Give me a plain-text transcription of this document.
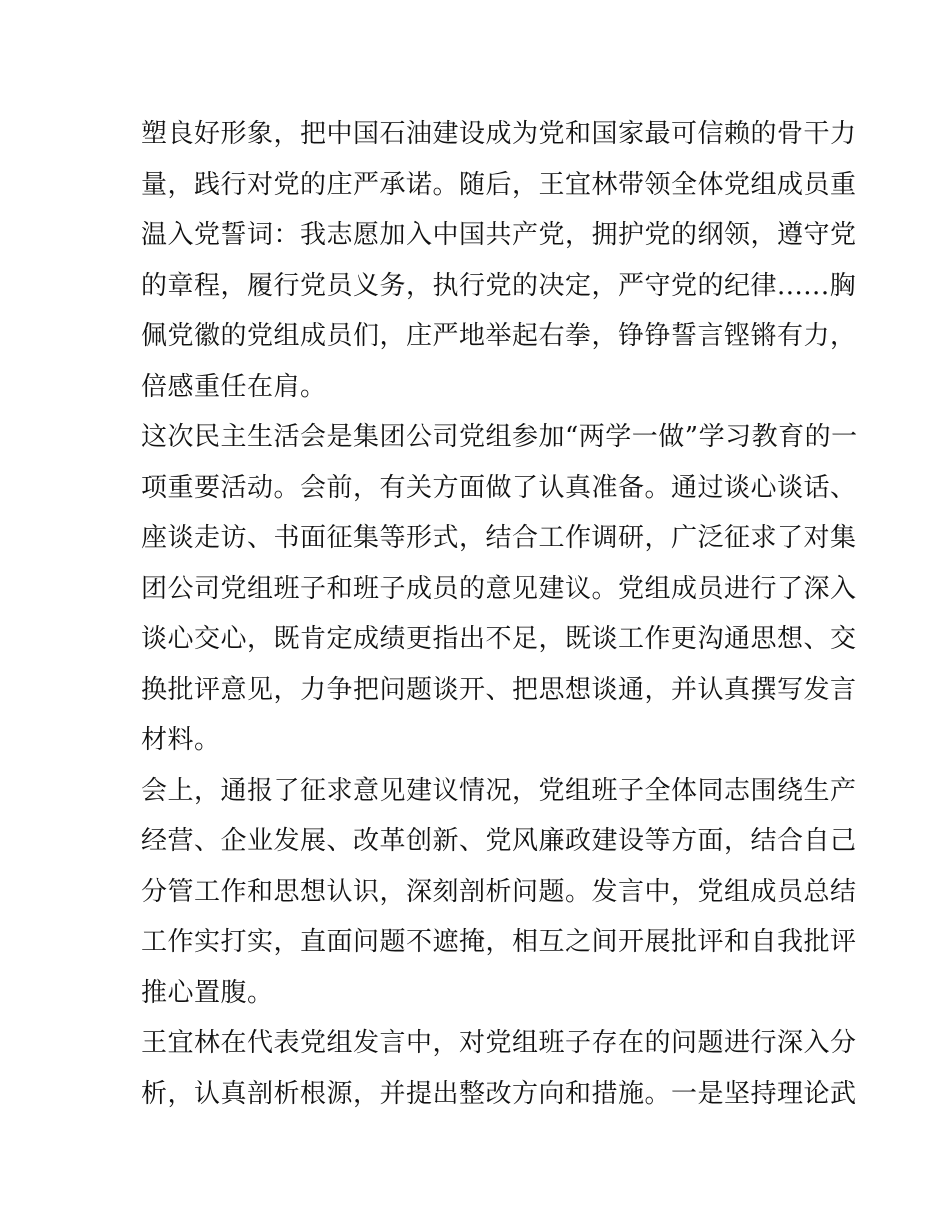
塑良好形象，把中国石油建设成为党和国家最可信赖的骨干力
量，践行对党的庄严承诺。随后，王宜林带领全体党组成员重
温入党誓词：我志愿加入中国共产党，拥护党的纲领，遵守党
的章程，履行党员义务，执行党的决定，严守党的纪律......胸
佩党徽的党组成员们，庄严地举起右拳，铮铮誓言铿锵有力，
倍感重任在肩。
这次民主生活会是集团公司党组参加“两学一做”学习教育的一
项重要活动。会前，有关方面做了认真准备。通过谈心谈话、
座谈走访、书面征集等形式，结合工作调研，广泛征求了对集
团公司党组班子和班子成员的意见建议。党组成员进行了深入
谈心交心，既肯定成绩更指出不足，既谈工作更沟通思想、交
换批评意见，力争把问题谈开、把思想谈通，并认真撰写发言
材料。
会上，通报了征求意见建议情况，党组班子全体同志围绕生产
经营、企业发展、改革创新、党风廉政建设等方面，结合自己
分管工作和思想认识，深刻剖析问题。发言中，党组成员总结
工作实打实，直面问题不遮掩，相互之间开展批评和自我批评
推心置腹。
王宜林在代表党组发言中，对党组班子存在的问题进行深入分
析，认真剖析根源，并提出整改方向和措施。一是坚持理论武
